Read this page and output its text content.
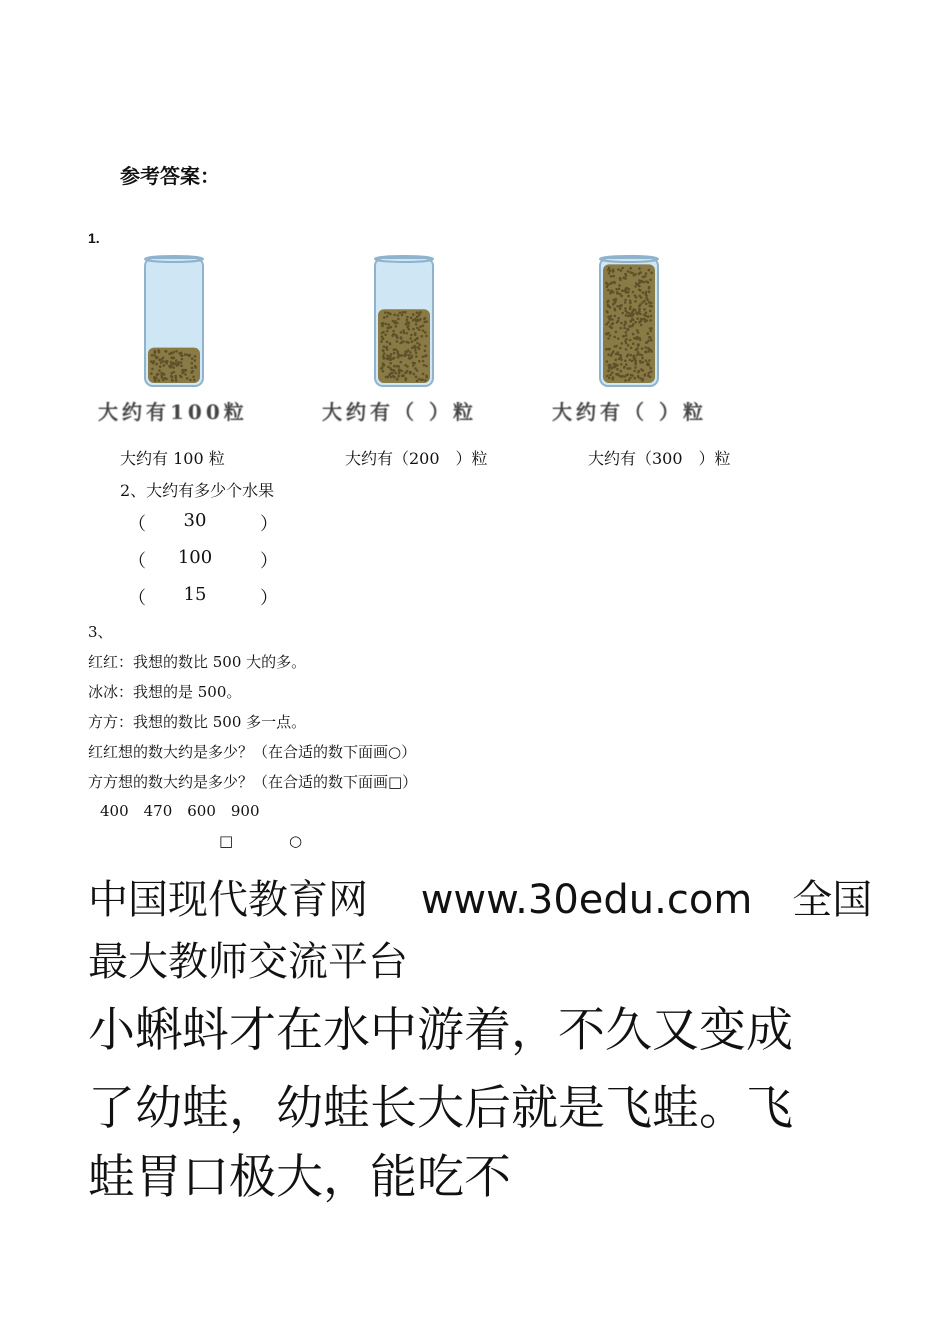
参考答案：
1.
大约有100粒	大约有（ ）粒	大约有（ ）粒
大约有 100 粒	大约有（200　）粒	大约有（300　）粒
2、大约有多少个水果
（	30	）
（	100	）
（	15	）
3、
红红：我想的数比 500 大的多。
冰冰：我想的是 500。
方方：我想的数比 500 多一点。
红红想的数大约是多少？（在合适的数下面画○）
方方想的数大约是多少？（在合适的数下面画□）
400　470　600　900
□	○
中国现代教育网　 www.30edu.com　全国
最大教师交流平台
小蝌蚪才在水中游着，不久又变成
了幼蛙，幼蛙长大后就是飞蛙。飞
蛙胃口极大，能吃不
